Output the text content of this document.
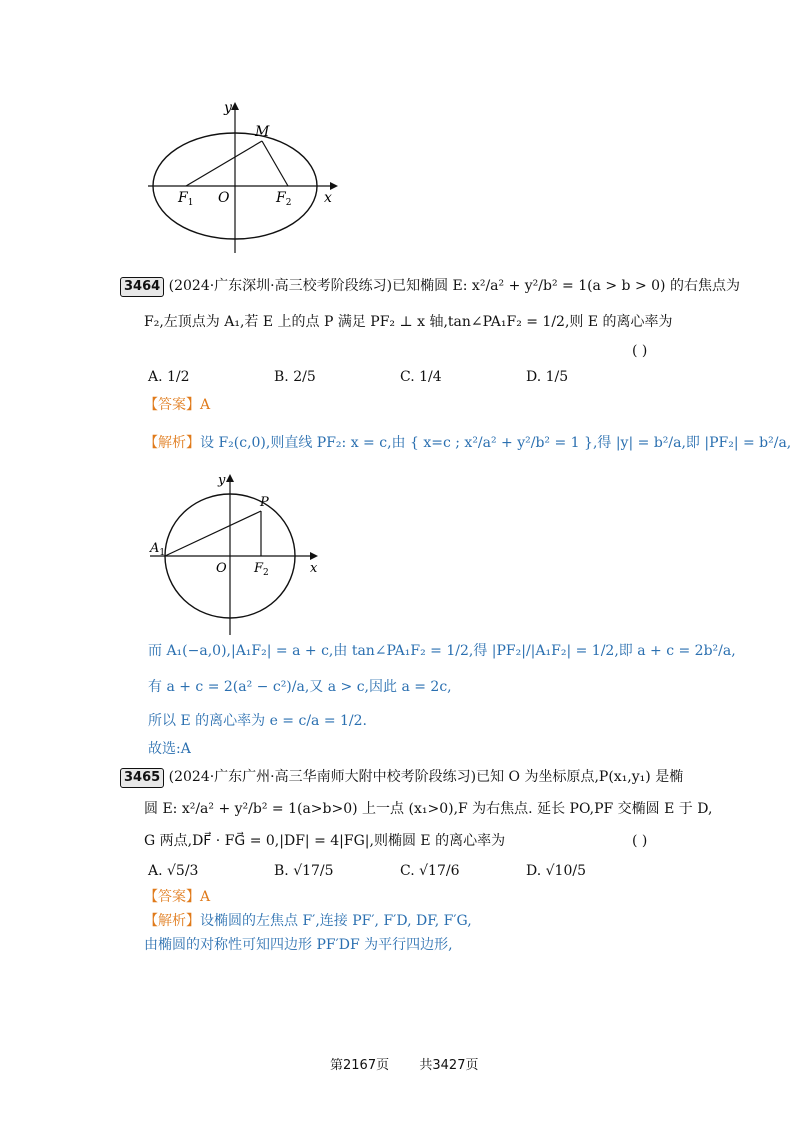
y
M
$F_1$ O	$F_2$ x
3464 (2024·广东深圳·高三校考阶段练习)已知椭圆 E: x²/a² + y²/b² = 1(a > b > 0) 的右焦点为
F₂,左顶点为 A₁,若 E 上的点 P 满足 PF₂ ⊥ x 轴,tan∠PA₁F₂ = 1/2,则 E 的离心率为
( )
A. 1/2	B. 2/5	C. 1/4	D. 1/5
【答案】A
【解析】设 F₂(c,0),则直线 PF₂: x = c,由 { x=c ; x²/a² + y²/b² = 1 },得 |y| = b²/a,即 |PF₂| = b²/a,
y
P
$A_1$
O $F_2$	x
而 A₁(−a,0),|A₁F₂| = a + c,由 tan∠PA₁F₂ = 1/2,得 |PF₂|/|A₁F₂| = 1/2,即 a + c = 2b²/a,
有 a + c = 2(a² − c²)/a,又 a > c,因此 a = 2c,
所以 E 的离心率为 e = c/a = 1/2.
故选:A
3465 (2024·广东广州·高三华南师大附中校考阶段练习)已知 O 为坐标原点,P(x₁,y₁) 是椭
圆 E: x²/a² + y²/b² = 1(a>b>0) 上一点 (x₁>0),F 为右焦点. 延长 PO,PF 交椭圆 E 于 D,
G 两点,DF⃗ · FG⃗ = 0,|DF| = 4|FG|,则椭圆 E 的离心率为	( )
A. √5/3	B. √17/5	C. √17/6	D. √10/5
【答案】A
【解析】设椭圆的左焦点 F′,连接 PF′, F′D, DF, F′G,
由椭圆的对称性可知四边形 PF′DF 为平行四边形,
第2167页 共3427页
